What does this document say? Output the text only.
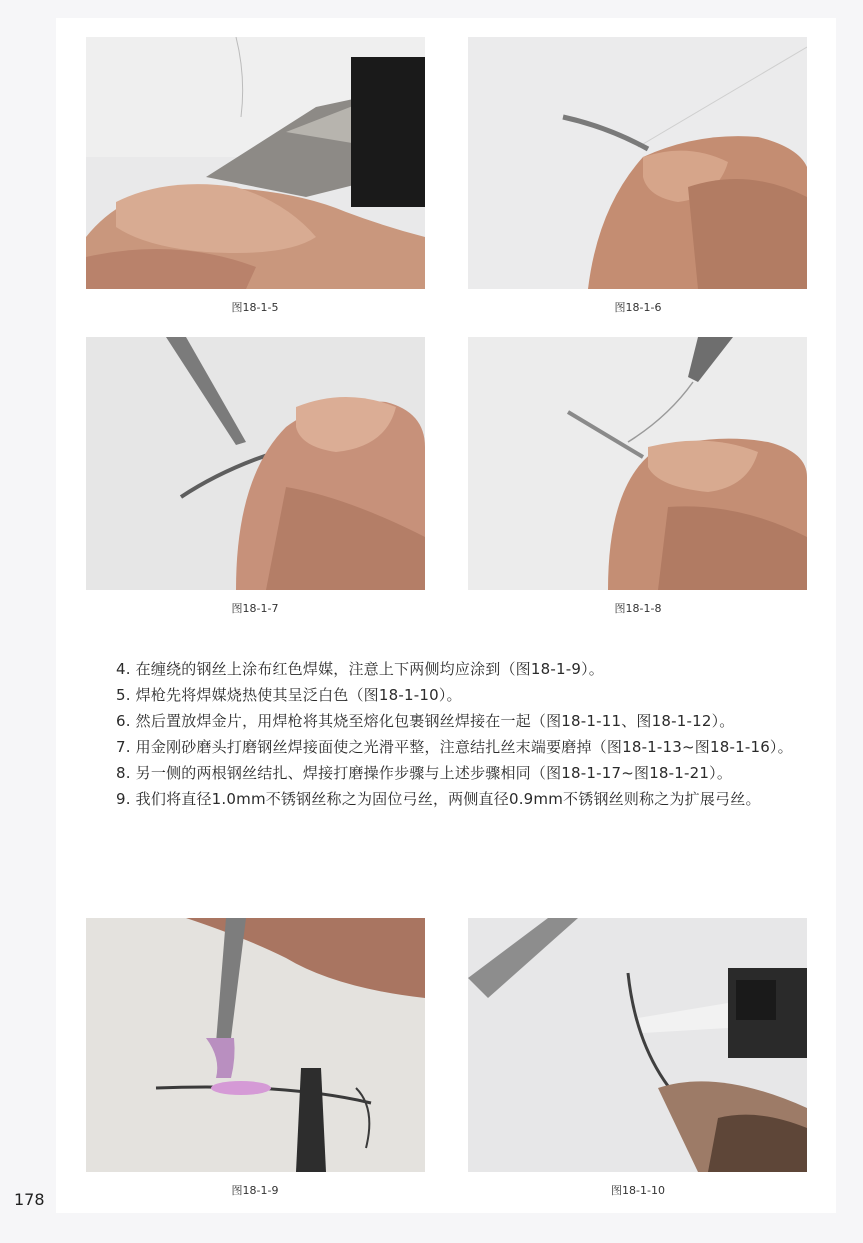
图18-1-5	图18-1-6
图18-1-7	图18-1-8

4. 在缠绕的钢丝上涂布红色焊媒，注意上下两侧均应涂到（图18-1-9）。

5. 焊枪先将焊媒烧热使其呈泛白色（图18-1-10）。

6. 然后置放焊金片，用焊枪将其烧至熔化包裹钢丝焊接在一起（图18-1-11、图18-1-12）。

7. 用金刚砂磨头打磨钢丝焊接面使之光滑平整，注意结扎丝末端要磨掉（图18-1-13~图18-1-16）。

8. 另一侧的两根钢丝结扎、焊接打磨操作步骤与上述步骤相同（图18-1-17~图18-1-21）。

9. 我们将直径1.0mm不锈钢丝称之为固位弓丝，两侧直径0.9mm不锈钢丝则称之为扩展弓丝。

图18-1-9	图18-1-10
178
